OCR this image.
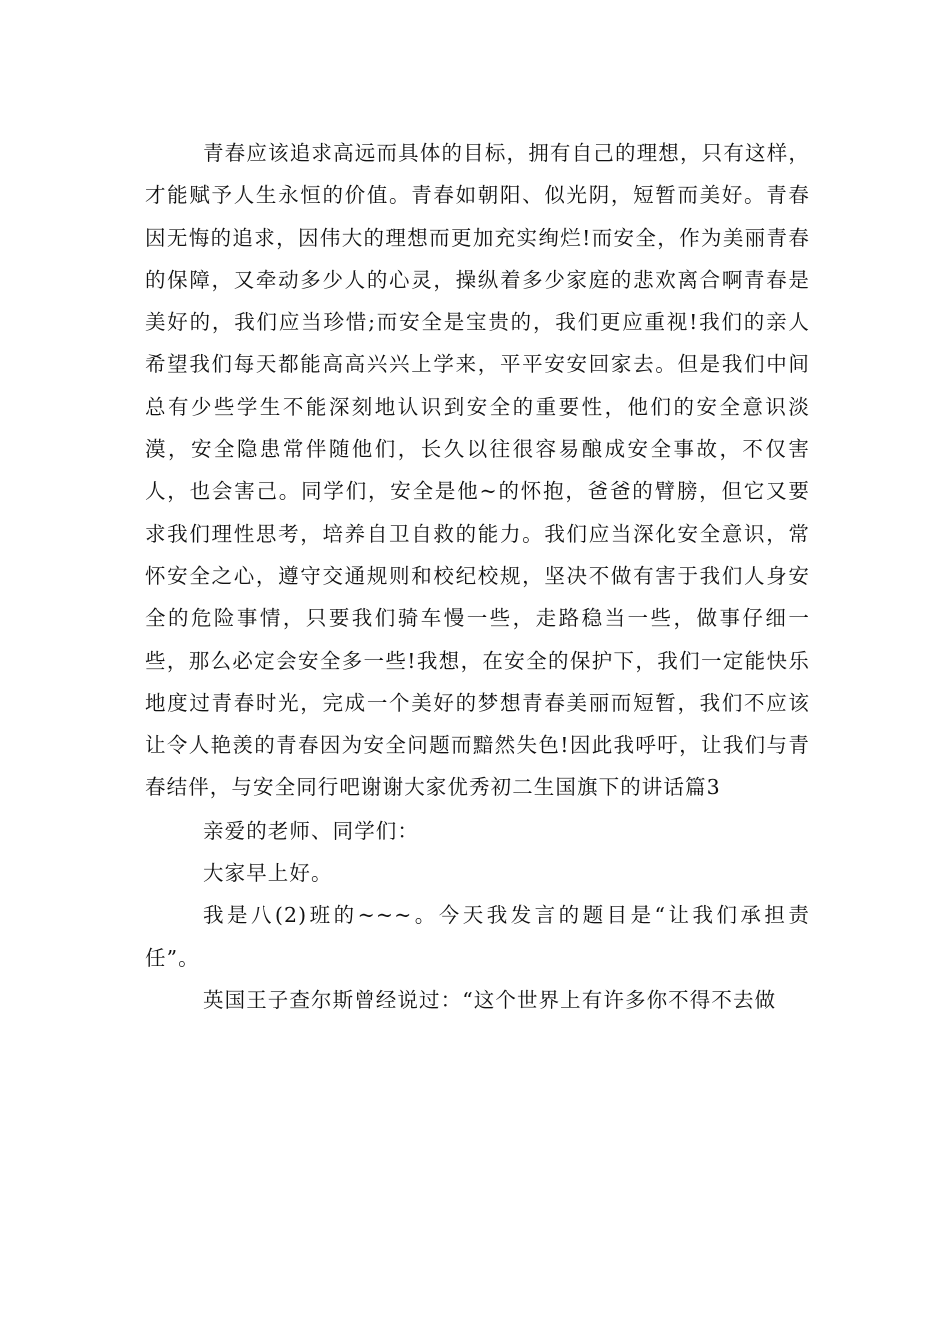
青春应该追求高远而具体的目标，拥有自己的理想，只有这样，才能赋予人生永恒的价值。青春如朝阳、似光阴，短暂而美好。青春因无悔的追求，因伟大的理想而更加充实绚烂!而安全，作为美丽青春的保障，又牵动多少人的心灵，操纵着多少家庭的悲欢离合啊青春是美好的，我们应当珍惜;而安全是宝贵的，我们更应重视!我们的亲人希望我们每天都能高高兴兴上学来，平平安安回家去。但是我们中间总有少些学生不能深刻地认识到安全的重要性，他们的安全意识淡漠，安全隐患常伴随他们，长久以往很容易酿成安全事故，不仅害人，也会害己。同学们，安全是他~的怀抱，爸爸的臂膀，但它又要求我们理性思考，培养自卫自救的能力。我们应当深化安全意识，常怀安全之心，遵守交通规则和校纪校规，坚决不做有害于我们人身安全的危险事情，只要我们骑车慢一些，走路稳当一些，做事仔细一些，那么必定会安全多一些!我想，在安全的保护下，我们一定能快乐地度过青春时光，完成一个美好的梦想青春美丽而短暂，我们不应该让令人艳羡的青春因为安全问题而黯然失色!因此我呼吁，让我们与青春结伴，与安全同行吧谢谢大家优秀初二生国旗下的讲话篇3

亲爱的老师、同学们：

大家早上好。

我是八(2)班的~~~。今天我发言的题目是“让我们承担责任”。

英国王子查尔斯曾经说过：“这个世界上有许多你不得不去做
